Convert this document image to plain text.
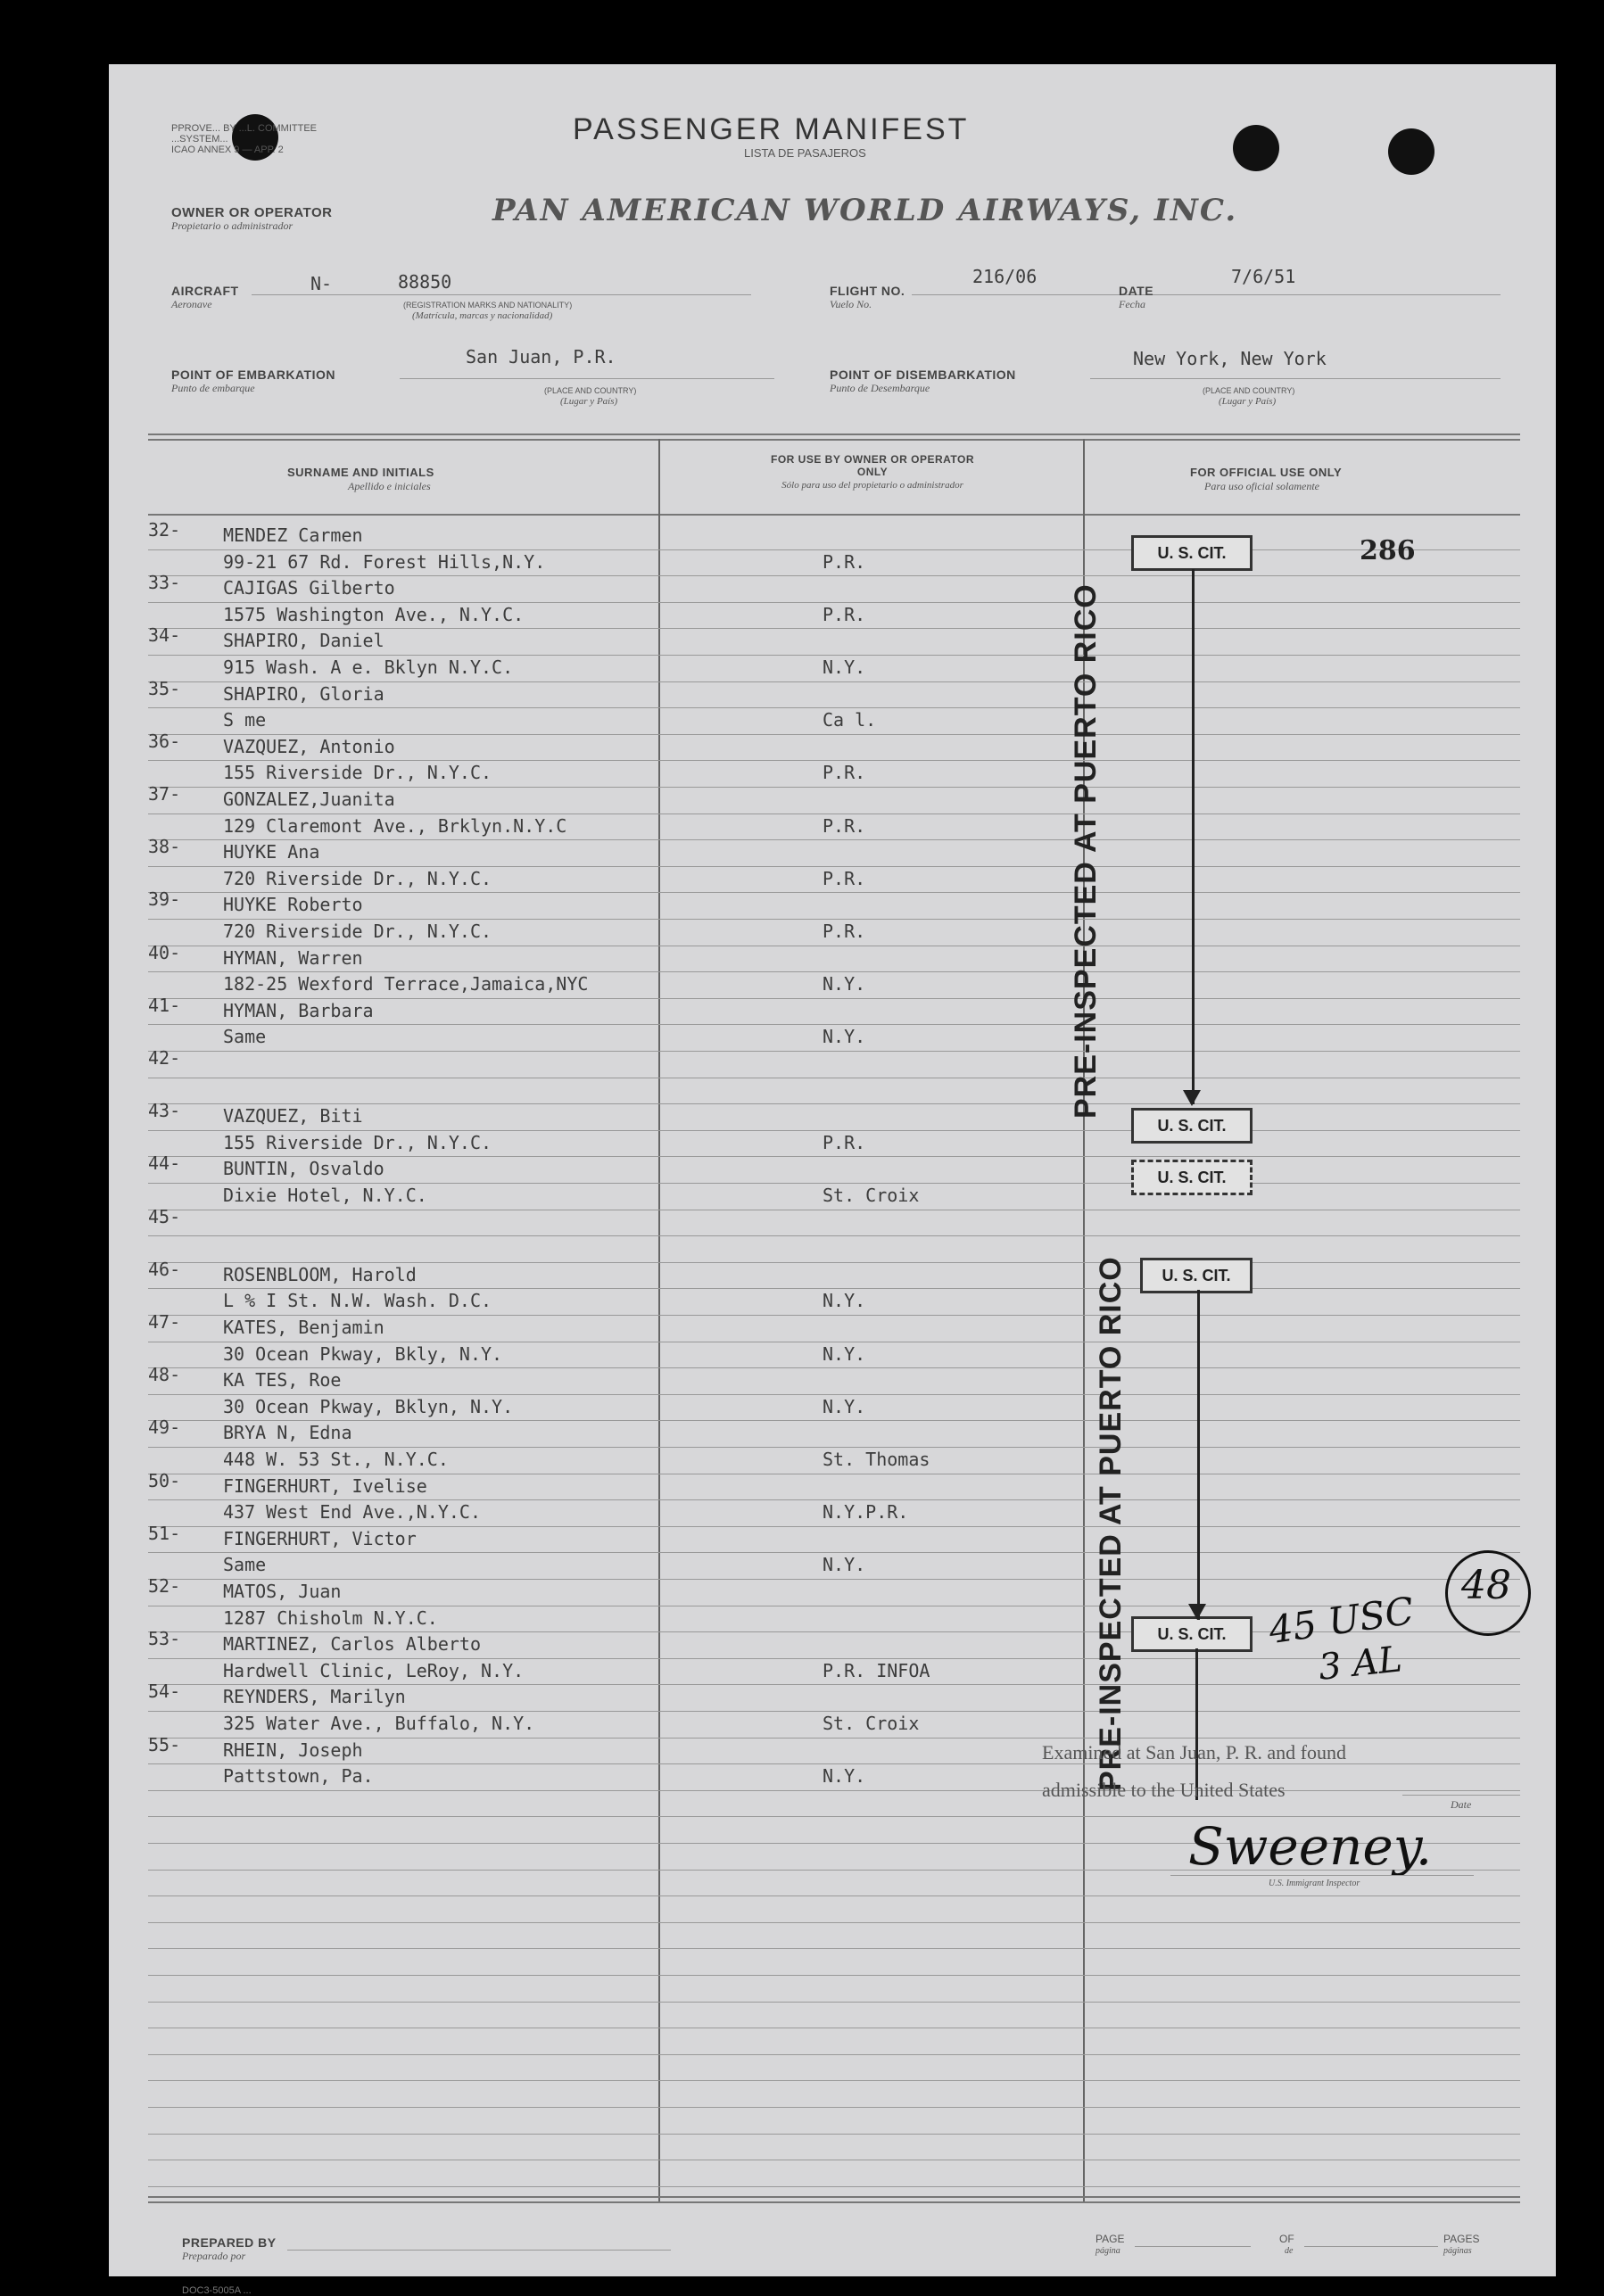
PPROVE... BY ...L. COMMITTEE
...SYSTEM...
ICAO ANNEX 9 — APP. 2
PASSENGER MANIFEST
LISTA DE PASAJEROS
OWNER OR OPERATOR
Propietario o administrador	PAN AMERICAN WORLD AIRWAYS, INC.
AIRCRAFT
Aeronave
N-	88850
(REGISTRATION MARKS AND NATIONALITY)
(Matrícula, marcas y nacionalidad)
FLIGHT NO.
Vuelo No.
216/06
DATE
Fecha
7/6/51
POINT OF EMBARKATION
Punto de embarque
San Juan, P.R.
(PLACE AND COUNTRY)
(Lugar y País)
POINT OF DISEMBARKATION
Punto de Desembarque
New York, New York
(PLACE AND COUNTRY)
(Lugar y País)
SURNAME AND INITIALS
Apellido e iniciales
FOR USE BY OWNER OR OPERATOR ONLY
Sólo para uso del propietario o administrador
FOR OFFICIAL USE ONLY
Para uso oficial solamente
32- MENDEZ Carmen
99-21 67 Rd. Forest Hills,N.Y.	P.R.
33- CAJIGAS Gilberto
1575 Washington Ave., N.Y.C.	P.R.
34- SHAPIRO, Daniel
915 Wash. A e. Bklyn N.Y.C.	N.Y.
35- SHAPIRO, Gloria
S me	Ca l.
36- VAZQUEZ, Antonio
155 Riverside Dr., N.Y.C.	P.R.
37- GONZALEZ,Juanita
129 Claremont Ave., Brklyn.N.Y.C	P.R.
38- HUYKE Ana
720 Riverside Dr., N.Y.C.	P.R.
39- HUYKE Roberto
720 Riverside Dr., N.Y.C.	P.R.
40- HYMAN, Warren
182-25 Wexford Terrace,Jamaica,NYC	N.Y.
41- HYMAN, Barbara
Same	N.Y.
42-
43- VAZQUEZ, Biti
155 Riverside Dr., N.Y.C.	P.R.
44- BUNTIN, Osvaldo
Dixie Hotel, N.Y.C.	St. Croix
45-
46- ROSENBLOOM, Harold
L % I St. N.W. Wash. D.C.	N.Y.
47- KATES, Benjamin
30 Ocean Pkway, Bkly, N.Y.	N.Y.
48- KA TES, Roe
30 Ocean Pkway, Bklyn, N.Y.	N.Y.
49- BRYA N, Edna
448 W. 53 St., N.Y.C.	St. Thomas
50- FINGERHURT, Ivelise
437 West End Ave.,N.Y.C.	N.Y.P.R.
51- FINGERHURT, Victor
Same	N.Y.
52- MATOS, Juan
1287 Chisholm N.Y.C.
53- MARTINEZ, Carlos Alberto
Hardwell Clinic, LeRoy, N.Y.	P.R. INFOA
54- REYNDERS, Marilyn
325 Water Ave., Buffalo, N.Y.	St. Croix
55- RHEIN, Joseph
Pattstown, Pa.	N.Y.
U. S. CIT.	286
U. S. CIT.
U. S. CIT.
U. S. CIT.
U. S. CIT.
PRE-INSPECTED AT PUERTO RICO
PRE-INSPECTED AT PUERTO RICO	45 USC
3 AL
48
Examined at San Juan, P. R. and found
admissible to the United States
Date
Sweeney.
U.S. Immigrant Inspector
PREPARED BY
Preparado por
PAGE
página
OF
de
PAGES
páginas
DOC3-5005A ...
